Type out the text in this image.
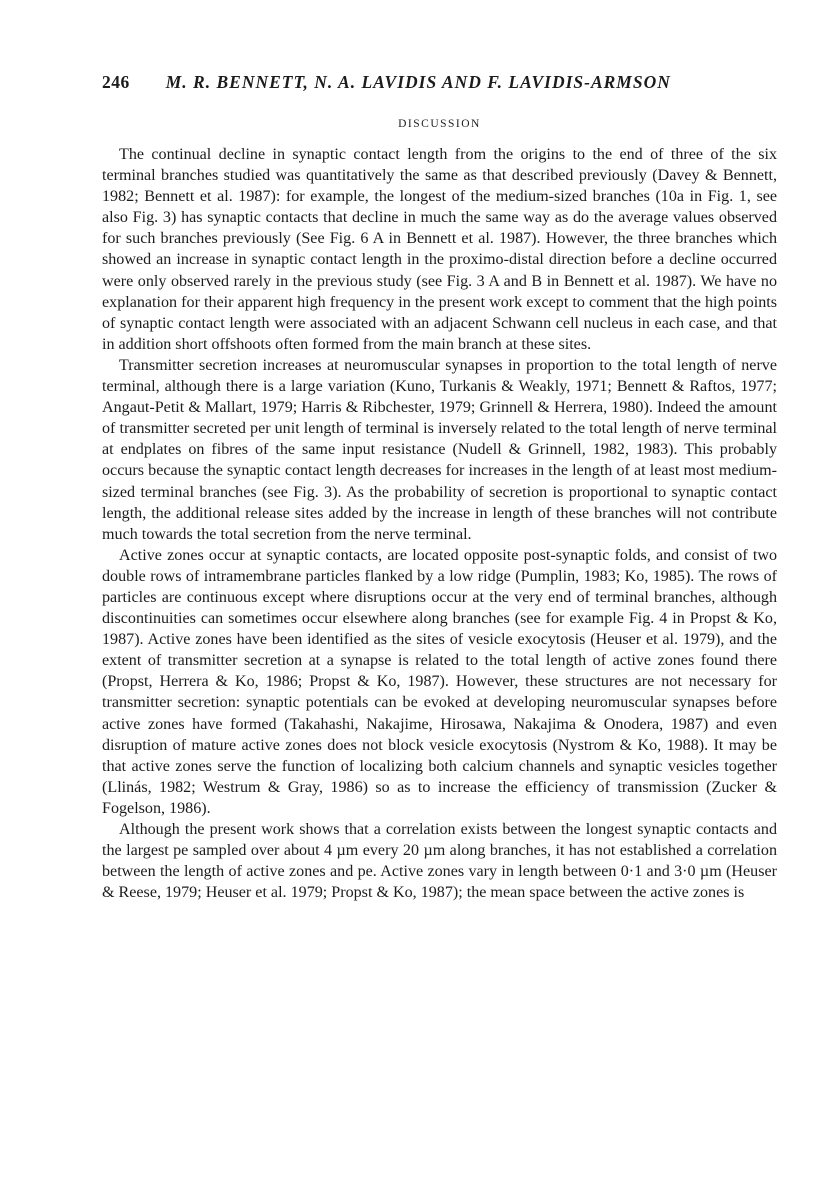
246 M. R. BENNETT, N. A. LAVIDIS AND F. LAVIDIS-ARMSON
DISCUSSION

The continual decline in synaptic contact length from the origins to the end of three of the six terminal branches studied was quantitatively the same as that described previously (Davey & Bennett, 1982; Bennett et al. 1987): for example, the longest of the medium-sized branches (10a in Fig. 1, see also Fig. 3) has synaptic contacts that decline in much the same way as do the average values observed for such branches previously (See Fig. 6 A in Bennett et al. 1987). However, the three branches which showed an increase in synaptic contact length in the proximo-distal direction before a decline occurred were only observed rarely in the previous study (see Fig. 3 A and B in Bennett et al. 1987). We have no explanation for their apparent high frequency in the present work except to comment that the high points of synaptic contact length were associated with an adjacent Schwann cell nucleus in each case, and that in addition short offshoots often formed from the main branch at these sites.

Transmitter secretion increases at neuromuscular synapses in proportion to the total length of nerve terminal, although there is a large variation (Kuno, Turkanis & Weakly, 1971; Bennett & Raftos, 1977; Angaut-Petit & Mallart, 1979; Harris & Ribchester, 1979; Grinnell & Herrera, 1980). Indeed the amount of transmitter secreted per unit length of terminal is inversely related to the total length of nerve terminal at endplates on fibres of the same input resistance (Nudell & Grinnell, 1982, 1983). This probably occurs because the synaptic contact length decreases for increases in the length of at least most medium-sized terminal branches (see Fig. 3). As the probability of secretion is proportional to synaptic contact length, the additional release sites added by the increase in length of these branches will not contribute much towards the total secretion from the nerve terminal.

Active zones occur at synaptic contacts, are located opposite post-synaptic folds, and consist of two double rows of intramembrane particles flanked by a low ridge (Pumplin, 1983; Ko, 1985). The rows of particles are continuous except where disruptions occur at the very end of terminal branches, although discontinuities can sometimes occur elsewhere along branches (see for example Fig. 4 in Propst & Ko, 1987). Active zones have been identified as the sites of vesicle exocytosis (Heuser et al. 1979), and the extent of transmitter secretion at a synapse is related to the total length of active zones found there (Propst, Herrera & Ko, 1986; Propst & Ko, 1987). However, these structures are not necessary for transmitter secretion: synaptic potentials can be evoked at developing neuromuscular synapses before active zones have formed (Takahashi, Nakajime, Hirosawa, Nakajima & Onodera, 1987) and even disruption of mature active zones does not block vesicle exocytosis (Nystrom & Ko, 1988). It may be that active zones serve the function of localizing both calcium channels and synaptic vesicles together (Llinás, 1982; Westrum & Gray, 1986) so as to increase the efficiency of transmission (Zucker & Fogelson, 1986).

Although the present work shows that a correlation exists between the longest synaptic contacts and the largest pe sampled over about 4 µm every 20 µm along branches, it has not established a correlation between the length of active zones and pe. Active zones vary in length between 0·1 and 3·0 µm (Heuser & Reese, 1979; Heuser et al. 1979; Propst & Ko, 1987); the mean space between the active zones is
